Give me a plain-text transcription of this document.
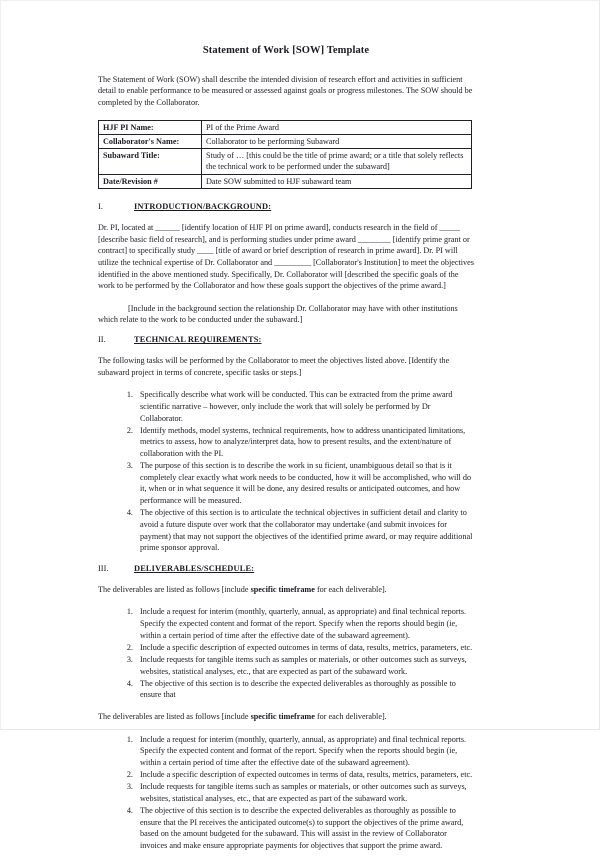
Statement of Work [SOW] Template

The Statement of Work (SOW) shall describe the intended division of research effort and activities in sufficient detail to enable performance to be measured or assessed against goals or progress milestones. The SOW should be completed by the Collaborator.

HJF PI Name:	PI of the Prime Award
Collaborator's Name:	Collaborator to be performing Subaward
Subaward Title:	Study of … [this could be the title of prime award; or a title that solely reflects the technical work to be performed under the subaward]
Date/Revision #	Date SOW submitted to HJF subaward team
I.	INTRODUCTION/BACKGROUND:

Dr. PI, located at ______ [identify location of HJF PI on prime award], conducts research in the field of _____ [describe basic field of research], and is performing studies under prime award ________ [identify prime grant or contract] to specifically study ____ [title of award or brief description of research in prime award]. Dr. PI will utilize the technical expertise of Dr. Collaborator and _________ [Collaborator's Institution] to meet the objectives identified in the above mentioned study. Specifically, Dr. Collaborator will [described the specific goals of the work to be performed by the Collaborator and how these goals support the objectives of the prime award.]

[Include in the background section the relationship Dr. Collaborator may have with other institutions which relate to the work to be conducted under the subaward.]

II.	TECHNICAL REQUIREMENTS:

The following tasks will be performed by the Collaborator to meet the objectives listed above. [Identify the subaward project in terms of concrete, specific tasks or steps.]

1. Specifically describe what work will be conducted. This can be extracted from the prime award scientific narrative – however, only include the work that will solely be performed by Dr Collaborator.
2. Identify methods, model systems, technical requirements, how to address unanticipated limitations, metrics to assess, how to analyze/interpret data, how to present results, and the extent/nature of collaboration with the PI.
3. The purpose of this section is to describe the work in su ficient, unambiguous detail so that is it completely clear exactly what work needs to be conducted, how it will be accomplished, who will do it, when or in what sequence it will be done, any desired results or anticipated outcomes, and how performance will be measured.
4. The objective of this section is to articulate the technical objectives in sufficient detail and clarity to avoid a future dispute over work that the collaborator may undertake (and submit invoices for payment) that may not support the objectives of the identified prime award, or may require additional prime sponsor approval.
III.	DELIVERABLES/SCHEDULE:

The deliverables are listed as follows [include specific timeframe for each deliverable].

1. Include a request for interim (monthly, quarterly, annual, as appropriate) and final technical reports. Specify the expected content and format of the report. Specify when the reports should begin (ie, within a certain period of time after the effective date of the subaward agreement).
2. Include a specific description of expected outcomes in terms of data, results, metrics, parameters, etc.
3. Include requests for tangible items such as samples or materials, or other outcomes such as surveys, websites, statistical analyses, etc., that are expected as part of the subaward work.
4. The objective of this section is to describe the expected deliverables as thoroughly as possible to ensure that

The deliverables are listed as follows [include specific timeframe for each deliverable].

1. Include a request for interim (monthly, quarterly, annual, as appropriate) and final technical reports. Specify the expected content and format of the report. Specify when the reports should begin (ie, within a certain period of time after the effective date of the subaward agreement).
2. Include a specific description of expected outcomes in terms of data, results, metrics, parameters, etc.
3. Include requests for tangible items such as samples or materials, or other outcomes such as surveys, websites, statistical analyses, etc., that are expected as part of the subaward work.
4. The objective of this section is to describe the expected deliverables as thoroughly as possible to ensure that the PI receives the anticipated outcome(s) to support the objectives of the prime award, based on the amount budgeted for the subaward. This will assist in the review of Collaborator invoices and make ensure appropriate payments for objectives that support the prime award.
